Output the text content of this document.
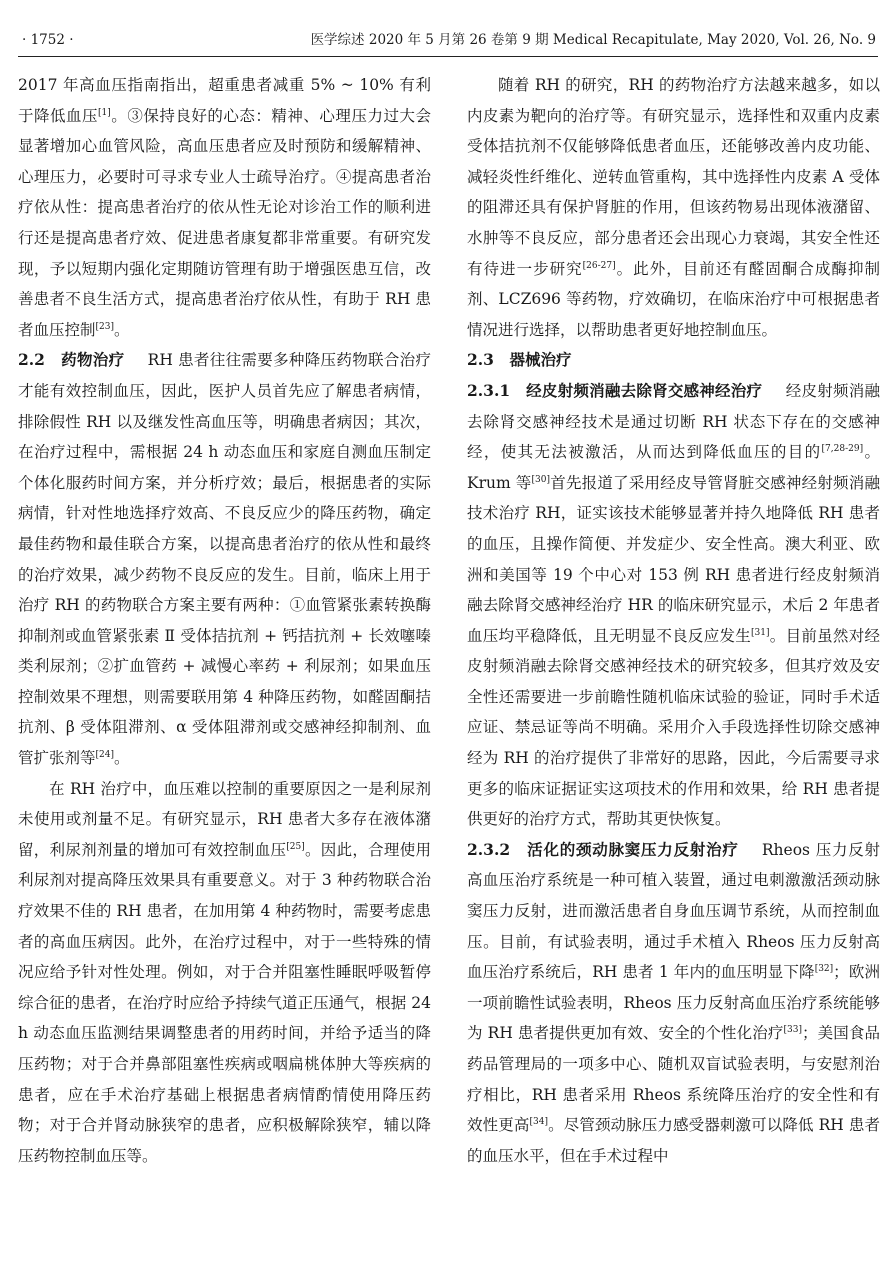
· 1752 ·	医学综述 2020 年 5 月第 26 卷第 9 期 Medical Recapitulate, May 2020, Vol. 26, No. 9

2017 年高血压指南指出，超重患者减重 5% ~ 10% 有利于降低血压[1]。③保持良好的心态：精神、心理压力过大会显著增加心血管风险，高血压患者应及时预防和缓解精神、心理压力，必要时可寻求专业人士疏导治疗。④提高患者治疗依从性：提高患者治疗的依从性无论对诊治工作的顺利进行还是提高患者疗效、促进患者康复都非常重要。有研究发现，予以短期内强化定期随访管理有助于增强医患互信，改善患者不良生活方式，提高患者治疗依从性，有助于 RH 患者血压控制[23]。

2.2　药物治疗 RH 患者往往需要多种降压药物联合治疗才能有效控制血压，因此，医护人员首先应了解患者病情，排除假性 RH 以及继发性高血压等，明确患者病因；其次，在治疗过程中，需根据 24 h 动态血压和家庭自测血压制定个体化服药时间方案，并分析疗效；最后，根据患者的实际病情，针对性地选择疗效高、不良反应少的降压药物，确定最佳药物和最佳联合方案，以提高患者治疗的依从性和最终的治疗效果，减少药物不良反应的发生。目前，临床上用于治疗 RH 的药物联合方案主要有两种：①血管紧张素转换酶抑制剂或血管紧张素 Ⅱ 受体拮抗剂 + 钙拮抗剂 + 长效噻嗪类利尿剂；②扩血管药 + 减慢心率药 + 利尿剂；如果血压控制效果不理想，则需要联用第 4 种降压药物，如醛固酮拮抗剂、β 受体阻滞剂、α 受体阻滞剂或交感神经抑制剂、血管扩张剂等[24]。

在 RH 治疗中，血压难以控制的重要原因之一是利尿剂未使用或剂量不足。有研究显示，RH 患者大多存在液体潴留，利尿剂剂量的增加可有效控制血压[25]。因此，合理使用利尿剂对提高降压效果具有重要意义。对于 3 种药物联合治疗效果不佳的 RH 患者，在加用第 4 种药物时，需要考虑患者的高血压病因。此外，在治疗过程中，对于一些特殊的情况应给予针对性处理。例如，对于合并阻塞性睡眠呼吸暂停综合征的患者，在治疗时应给予持续气道正压通气，根据 24 h 动态血压监测结果调整患者的用药时间，并给予适当的降压药物；对于合并鼻部阻塞性疾病或咽扁桃体肿大等疾病的患者，应在手术治疗基础上根据患者病情酌情使用降压药物；对于合并肾动脉狭窄的患者，应积极解除狭窄，辅以降压药物控制血压等。

随着 RH 的研究，RH 的药物治疗方法越来越多，如以内皮素为靶向的治疗等。有研究显示，选择性和双重内皮素受体拮抗剂不仅能够降低患者血压，还能够改善内皮功能、减轻炎性纤维化、逆转血管重构，其中选择性内皮素 A 受体的阻滞还具有保护肾脏的作用，但该药物易出现体液潴留、水肿等不良反应，部分患者还会出现心力衰竭，其安全性还有待进一步研究[26-27]。此外，目前还有醛固酮合成酶抑制剂、LCZ696 等药物，疗效确切，在临床治疗中可根据患者情况进行选择，以帮助患者更好地控制血压。

2.3　器械治疗

2.3.1　经皮射频消融去除肾交感神经治疗 经皮射频消融去除肾交感神经技术是通过切断 RH 状态下存在的交感神经，使其无法被激活，从而达到降低血压的目的[7,28-29]。Krum 等[30]首先报道了采用经皮导管肾脏交感神经射频消融技术治疗 RH，证实该技术能够显著并持久地降低 RH 患者的血压，且操作简便、并发症少、安全性高。澳大利亚、欧洲和美国等 19 个中心对 153 例 RH 患者进行经皮射频消融去除肾交感神经治疗 HR 的临床研究显示，术后 2 年患者血压均平稳降低，且无明显不良反应发生[31]。目前虽然对经皮射频消融去除肾交感神经技术的研究较多，但其疗效及安全性还需要进一步前瞻性随机临床试验的验证，同时手术适应证、禁忌证等尚不明确。采用介入手段选择性切除交感神经为 RH 的治疗提供了非常好的思路，因此，今后需要寻求更多的临床证据证实这项技术的作用和效果，给 RH 患者提供更好的治疗方式，帮助其更快恢复。

2.3.2　活化的颈动脉窦压力反射治疗 Rheos 压力反射高血压治疗系统是一种可植入装置，通过电刺激激活颈动脉窦压力反射，进而激活患者自身血压调节系统，从而控制血压。目前，有试验表明，通过手术植入 Rheos 压力反射高血压治疗系统后，RH 患者 1 年内的血压明显下降[32]；欧洲一项前瞻性试验表明，Rheos 压力反射高血压治疗系统能够为 RH 患者提供更加有效、安全的个性化治疗[33]；美国食品药品管理局的一项多中心、随机双盲试验表明，与安慰剂治疗相比，RH 患者采用 Rheos 系统降压治疗的安全性和有效性更高[34]。尽管颈动脉压力感受器刺激可以降低 RH 患者的血压水平，但在手术过程中
